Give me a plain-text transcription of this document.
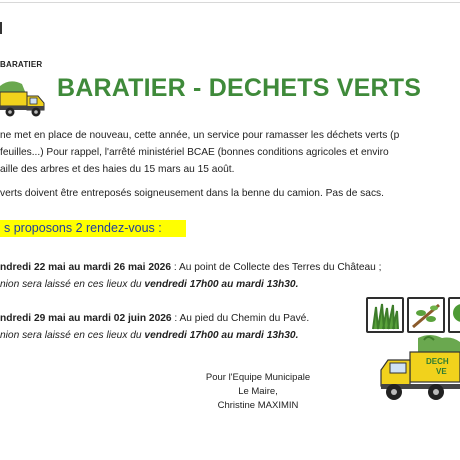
BARATIER
BARATIER - DECHETS VERTS
ne met en place de nouveau, cette année, un service pour ramasser les déchets verts (p
feuilles...) Pour rappel, l'arrêté ministériel BCAE (bonnes conditions agricoles et enviro
aille des arbres et des haies du 15 mars au 15 août.
verts doivent être entreposés soigneusement dans la benne du camion. Pas de sacs.
s proposons 2 rendez-vous :
ndredi 22 mai au mardi 26 mai 2026 : Au point de Collecte des Terres du Château ;
nion sera laissé en ces lieux du vendredi 17h00 au mardi 13h30.
ndredi 29 mai au mardi 02 juin 2026 : Au pied du Chemin du Pavé.
nion sera laissé en ces lieux du vendredi 17h00 au mardi 13h30.
DECH
VE
Pour l'Equipe Municipale
Le Maire,
Christine MAXIMIN
